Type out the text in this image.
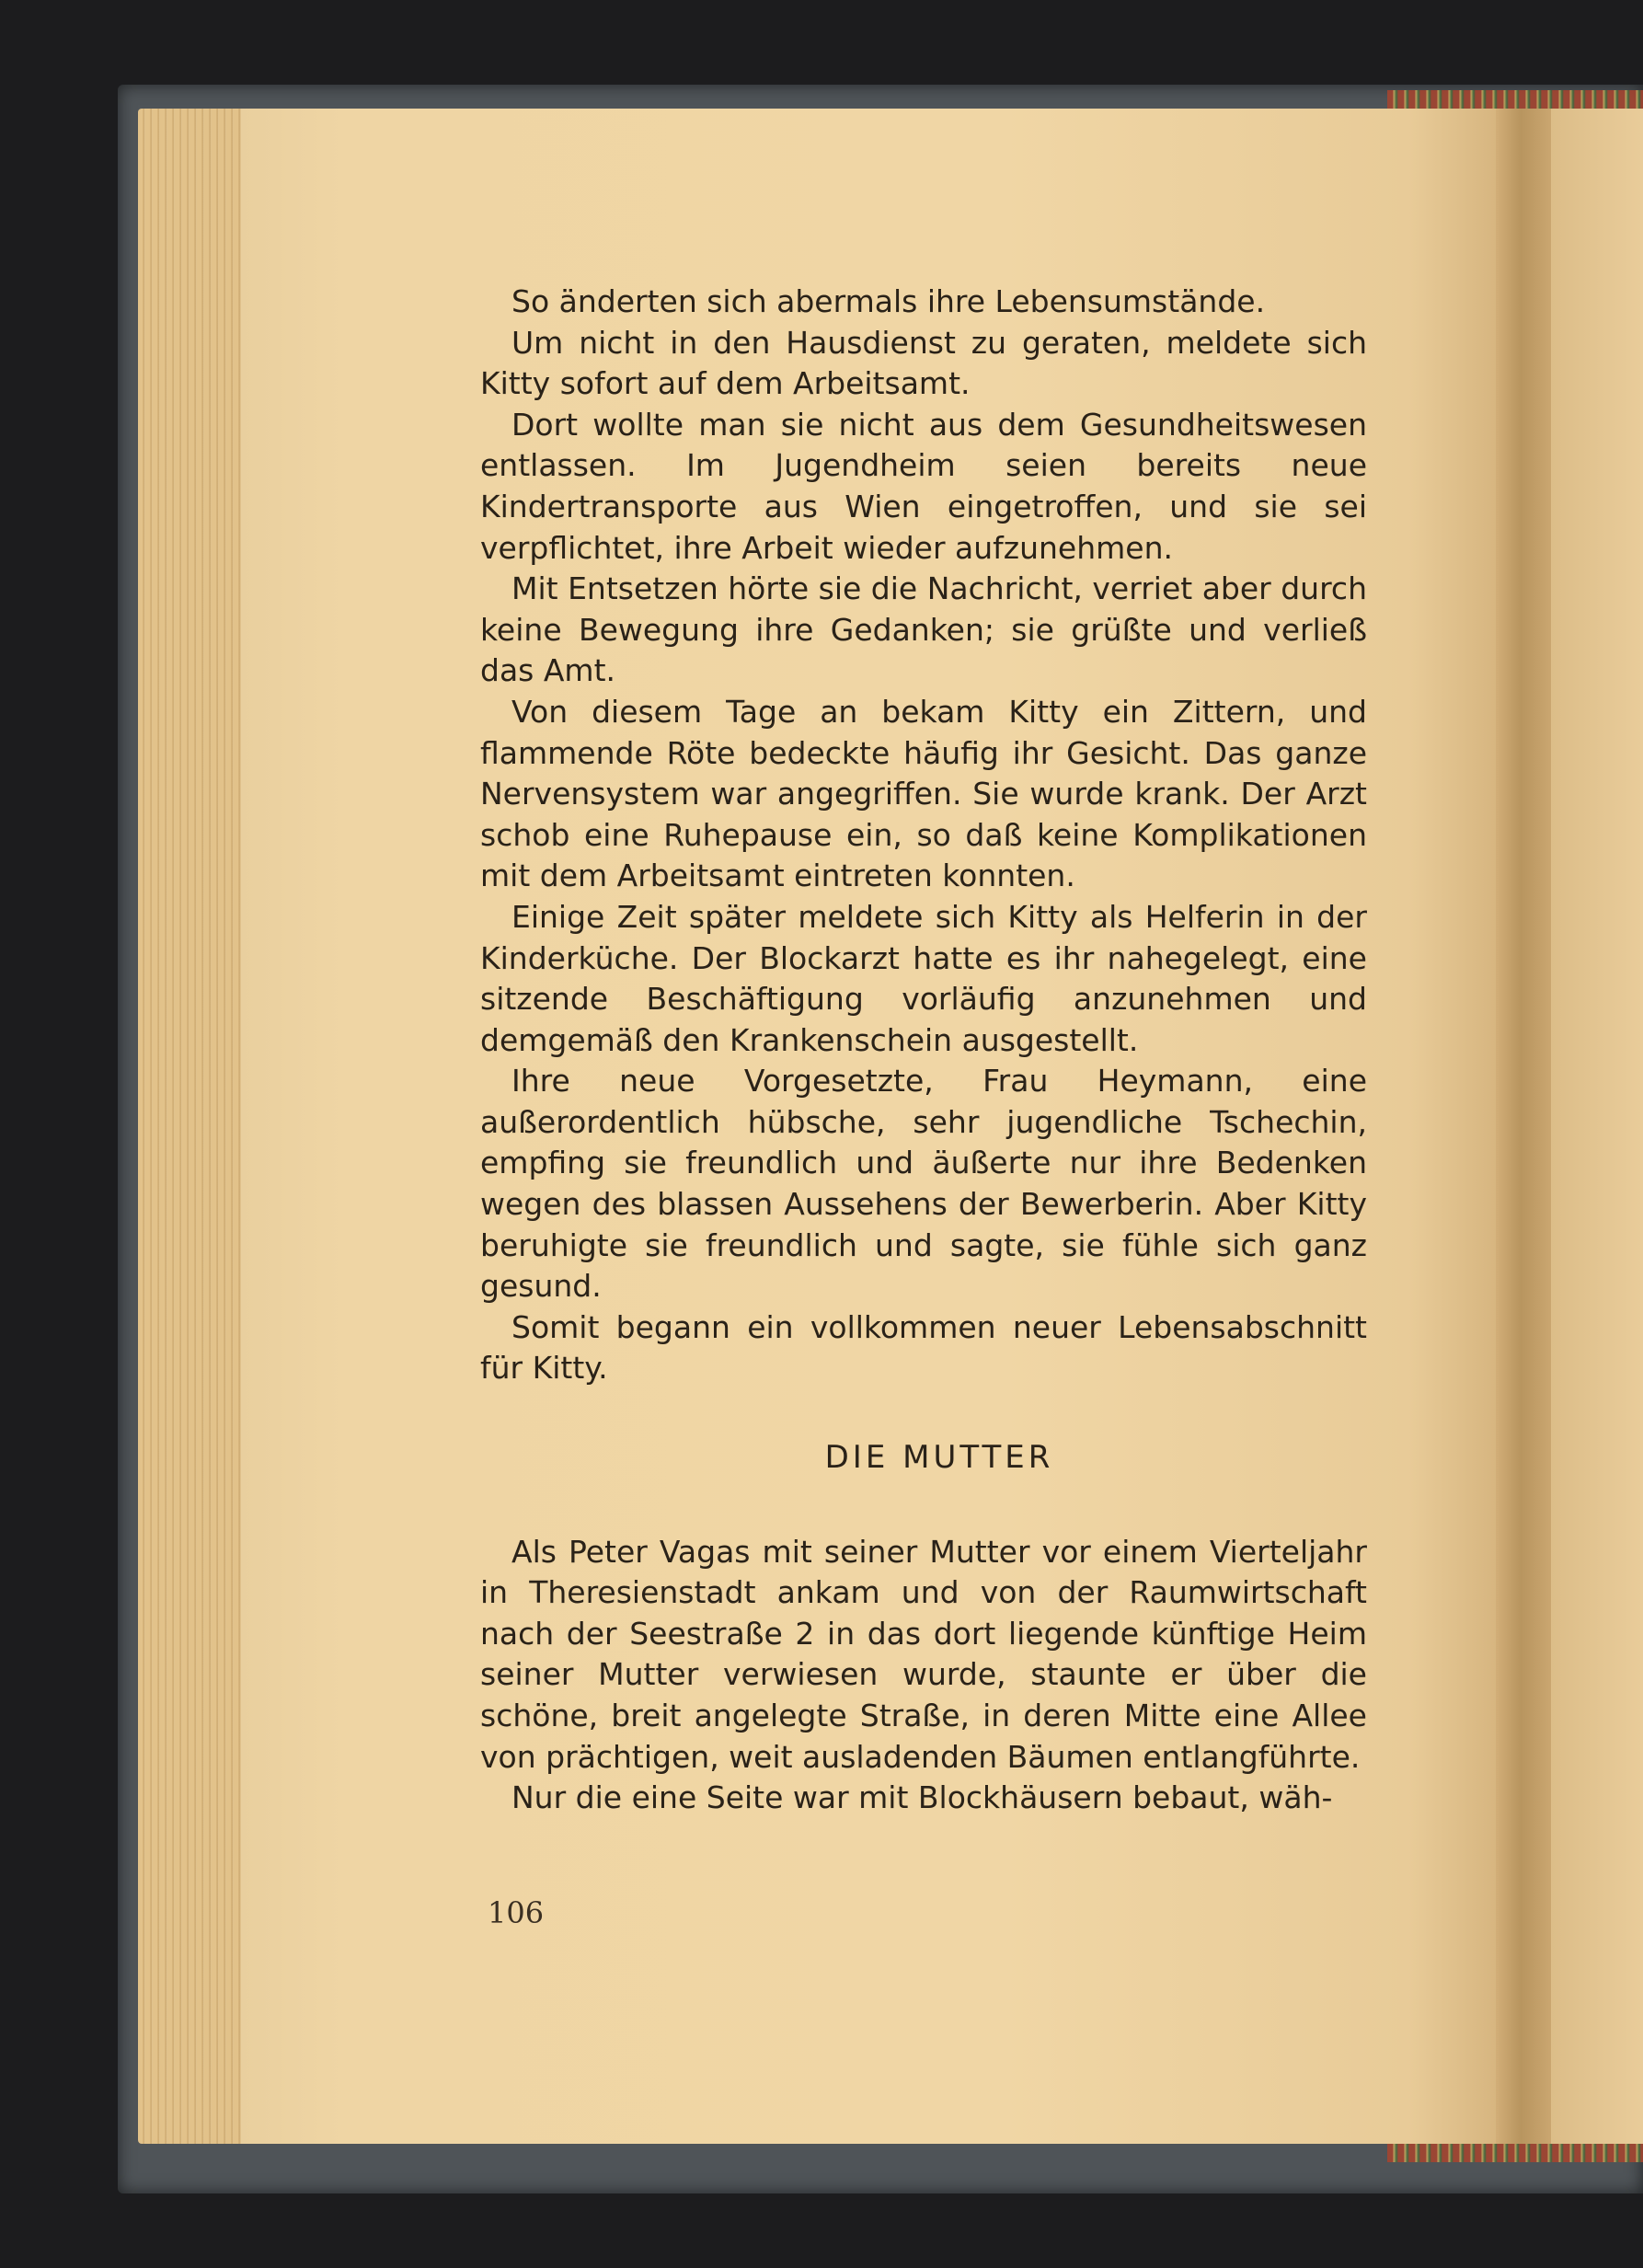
So änderten sich abermals ihre Lebensumstände.

Um nicht in den Hausdienst zu geraten, meldete sich Kitty sofort auf dem Arbeitsamt.

Dort wollte man sie nicht aus dem Gesundheitswesen entlassen. Im Jugendheim seien bereits neue Kindertransporte aus Wien eingetroffen, und sie sei verpflichtet, ihre Arbeit wieder aufzunehmen.

Mit Entsetzen hörte sie die Nachricht, verriet aber durch keine Bewegung ihre Gedanken; sie grüßte und verließ das Amt.

Von diesem Tage an bekam Kitty ein Zittern, und flammende Röte bedeckte häufig ihr Gesicht. Das ganze Nervensystem war angegriffen. Sie wurde krank. Der Arzt schob eine Ruhepause ein, so daß keine Komplikationen mit dem Arbeitsamt eintreten konnten.

Einige Zeit später meldete sich Kitty als Helferin in der Kinderküche. Der Blockarzt hatte es ihr nahegelegt, eine sitzende Beschäftigung vorläufig anzunehmen und demgemäß den Krankenschein ausgestellt.

Ihre neue Vorgesetzte, Frau Heymann, eine außerordentlich hübsche, sehr jugendliche Tschechin, empfing sie freundlich und äußerte nur ihre Bedenken wegen des blassen Aussehens der Bewerberin. Aber Kitty beruhigte sie freundlich und sagte, sie fühle sich ganz gesund.

Somit begann ein vollkommen neuer Lebensabschnitt für Kitty.

DIE MUTTER

Als Peter Vagas mit seiner Mutter vor einem Vierteljahr in Theresienstadt ankam und von der Raumwirtschaft nach der Seestraße 2 in das dort liegende künftige Heim seiner Mutter verwiesen wurde, staunte er über die schöne, breit angelegte Straße, in deren Mitte eine Allee von prächtigen, weit ausladenden Bäumen entlangführte.

Nur die eine Seite war mit Blockhäusern bebaut, wäh-

106
